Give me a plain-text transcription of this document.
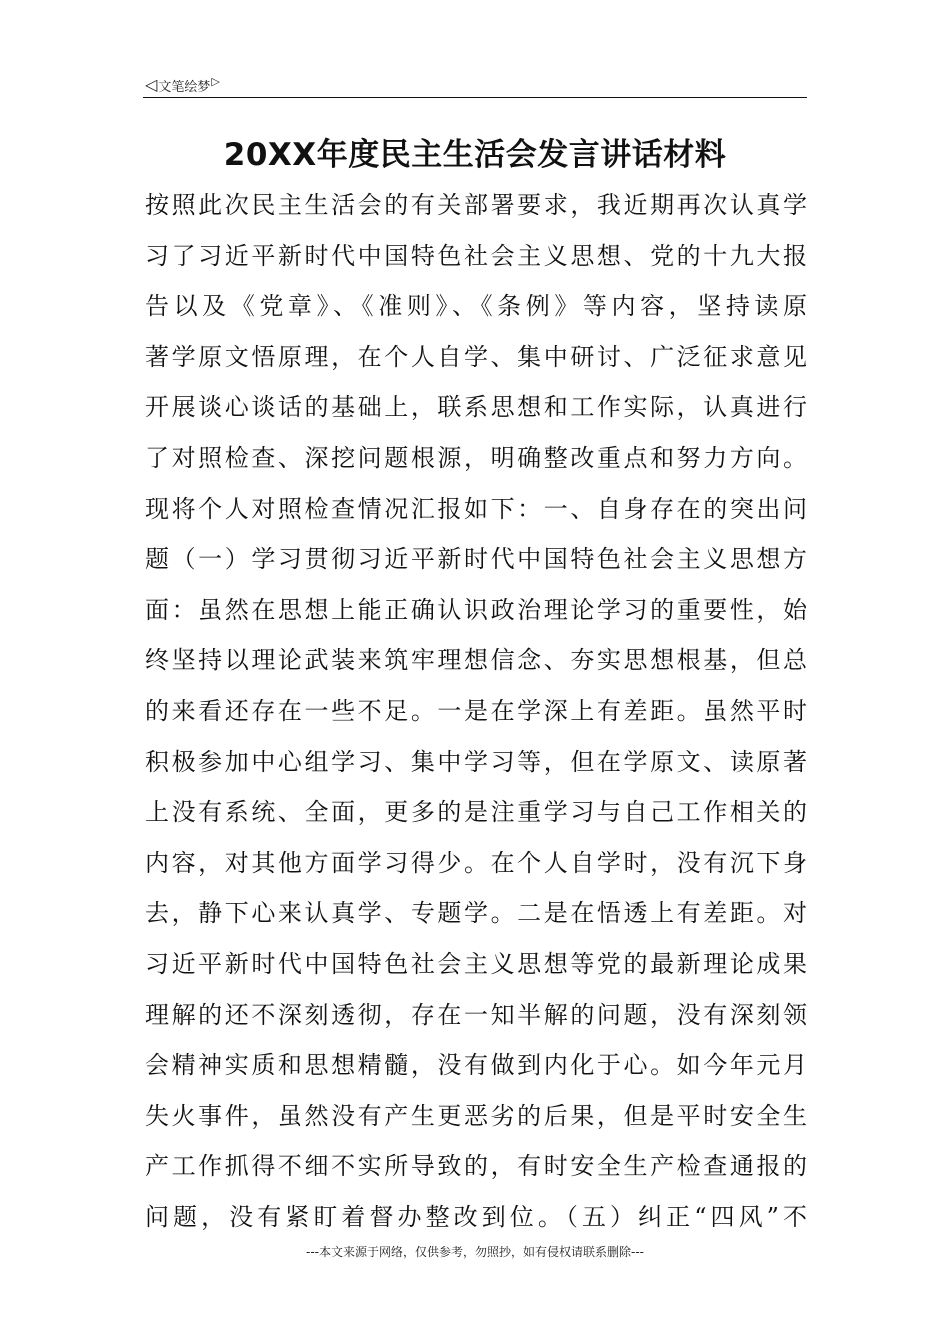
◁ 文笔绘梦 ▷
20XX年度民主生活会发言讲话材料
按照此次民主生活会的有关部署要求，我近期再次认真学
习了习近平新时代中国特色社会主义思想、党的十九大报
告以及《党章》、《准则》、《条例》等内容，坚持读原
著学原文悟原理，在个人自学、集中研讨、广泛征求意见
开展谈心谈话的基础上，联系思想和工作实际，认真进行
了对照检查、深挖问题根源，明确整改重点和努力方向。
现将个人对照检查情况汇报如下：一、自身存在的突出问
题（一）学习贯彻习近平新时代中国特色社会主义思想方
面：虽然在思想上能正确认识政治理论学习的重要性，始
终坚持以理论武装来筑牢理想信念、夯实思想根基，但总
的来看还存在一些不足。一是在学深上有差距。虽然平时
积极参加中心组学习、集中学习等，但在学原文、读原著
上没有系统、全面，更多的是注重学习与自己工作相关的
内容，对其他方面学习得少。在个人自学时，没有沉下身
去，静下心来认真学、专题学。二是在悟透上有差距。对
习近平新时代中国特色社会主义思想等党的最新理论成果
理解的还不深刻透彻，存在一知半解的问题，没有深刻领
会精神实质和思想精髓，没有做到内化于心。如今年元月
失火事件，虽然没有产生更恶劣的后果，但是平时安全生
产工作抓得不细不实所导致的，有时安全生产检查通报的
问题，没有紧盯着督办整改到位。（五）纠正“四风”不
---本文来源于网络，仅供参考，勿照抄，如有侵权请联系删除---
